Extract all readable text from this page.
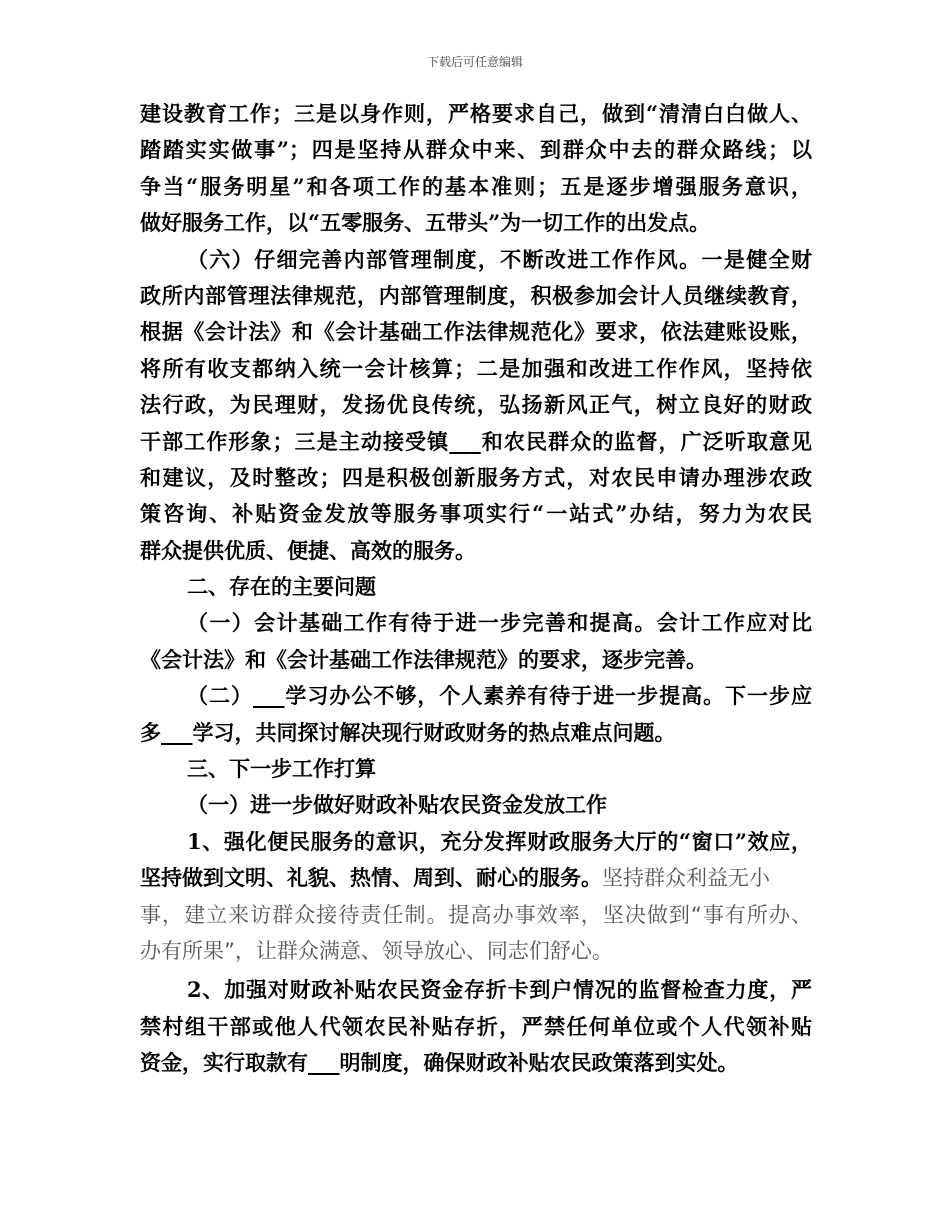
下载后可任意编辑
建设教育工作；三是以身作则，严格要求自己，做到“清清白白做人、
踏踏实实做事”；四是坚持从群众中来、到群众中去的群众路线；以
争当“服务明星”和各项工作的基本准则；五是逐步增强服务意识，
做好服务工作，以“五零服务、五带头”为一切工作的出发点。
（六）仔细完善内部管理制度，不断改进工作作风。一是健全财
政所内部管理法律规范，内部管理制度，积极参加会计人员继续教育，
根据《会计法》和《会计基础工作法律规范化》要求，依法建账设账，
将所有收支都纳入统一会计核算；二是加强和改进工作作风，坚持依
法行政，为民理财，发扬优良传统，弘扬新风正气，树立良好的财政
干部工作形象；三是主动接受镇___和农民群众的监督，广泛听取意见
和建议，及时整改；四是积极创新服务方式，对农民申请办理涉农政
策咨询、补贴资金发放等服务事项实行“一站式”办结，努力为农民
群众提供优质、便捷、高效的服务。
二、存在的主要问题
（一）会计基础工作有待于进一步完善和提高。会计工作应对比
《会计法》和《会计基础工作法律规范》的要求，逐步完善。
（二）___学习办公不够，个人素养有待于进一步提高。下一步应
多___学习，共同探讨解决现行财政财务的热点难点问题。
三、下一步工作打算
（一）进一步做好财政补贴农民资金发放工作
1、强化便民服务的意识，充分发挥财政服务大厅的“窗口”效应，
坚持做到文明、礼貌、热情、周到、耐心的服务。坚持群众利益无小
事，建立来访群众接待责任制。提高办事效率，坚决做到“事有所办、
办有所果”，让群众满意、领导放心、同志们舒心。
2、加强对财政补贴农民资金存折卡到户情况的监督检查力度，严
禁村组干部或他人代领农民补贴存折，严禁任何单位或个人代领补贴
资金，实行取款有___明制度，确保财政补贴农民政策落到实处。
